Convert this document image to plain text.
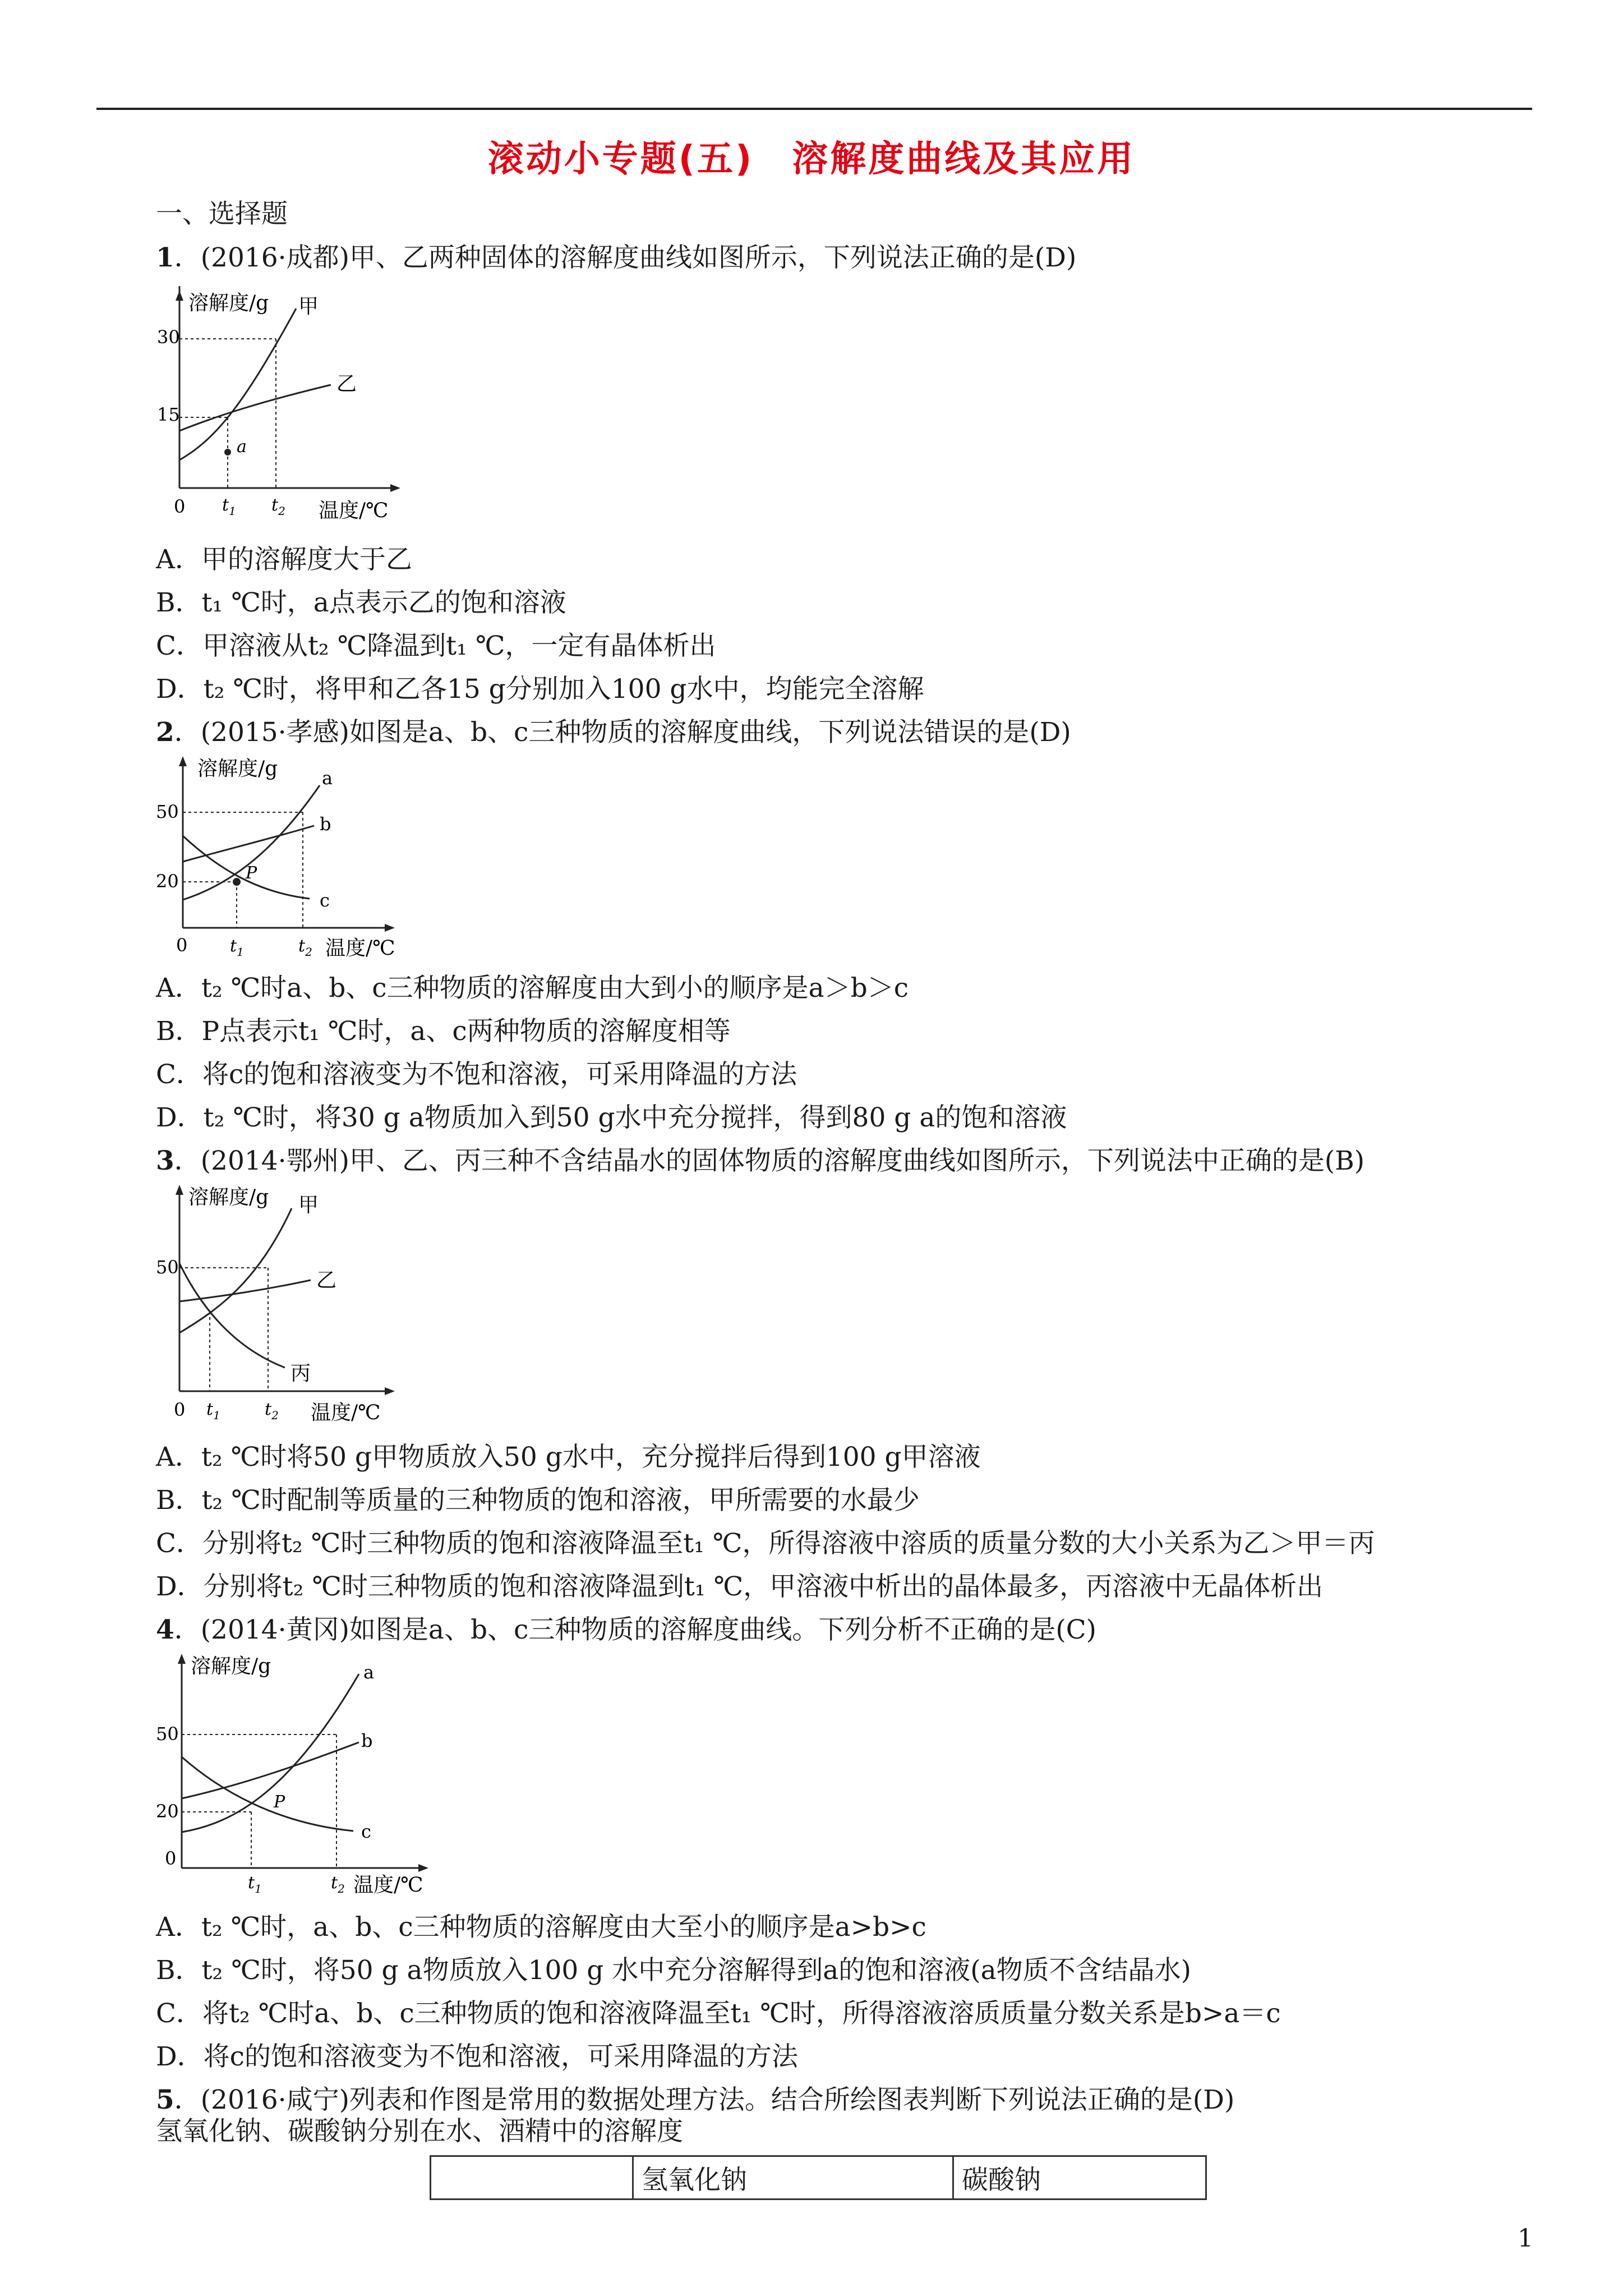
滚动小专题(五)　溶解度曲线及其应用
一、选择题
1．(2016·成都)甲、乙两种固体的溶解度曲线如图所示，下列说法正确的是(D)
溶解度/g
温度/℃
30
15
0 $t_1$ $t_2$
a
甲
乙
A．甲的溶解度大于乙
B．t₁ ℃时，a点表示乙的饱和溶液
C．甲溶液从t₂ ℃降温到t₁ ℃，一定有晶体析出
D．t₂ ℃时，将甲和乙各15 g分别加入100 g水中，均能完全溶解
2．(2015·孝感)如图是a、b、c三种物质的溶解度曲线，下列说法错误的是(D)
溶解度/g
温度/℃
50
20
0	$t_1$	$t_2$
P
a
b
c
A．t₂ ℃时a、b、c三种物质的溶解度由大到小的顺序是a＞b＞c
B．P点表示t₁ ℃时，a、c两种物质的溶解度相等
C．将c的饱和溶液变为不饱和溶液，可采用降温的方法
D．t₂ ℃时，将30 g a物质加入到50 g水中充分搅拌，得到80 g a的饱和溶液
3．(2014·鄂州)甲、乙、丙三种不含结晶水的固体物质的溶解度曲线如图所示，下列说法中正确的是(B)
溶解度/g
温度/℃
50
0 $t_1$	$t_2$
甲
乙
丙
A．t₂ ℃时将50 g甲物质放入50 g水中，充分搅拌后得到100 g甲溶液
B．t₂ ℃时配制等质量的三种物质的饱和溶液，甲所需要的水最少
C．分别将t₂ ℃时三种物质的饱和溶液降温至t₁ ℃，所得溶液中溶质的质量分数的大小关系为乙＞甲＝丙
D．分别将t₂ ℃时三种物质的饱和溶液降温到t₁ ℃，甲溶液中析出的晶体最多，丙溶液中无晶体析出
4．(2014·黄冈)如图是a、b、c三种物质的溶解度曲线。下列分析不正确的是(C)
溶解度/g
温度/℃
50
20
0
$t_1$	$t_2$
P
a
b
c
A．t₂ ℃时，a、b、c三种物质的溶解度由大至小的顺序是a>b>c
B．t₂ ℃时，将50 g a物质放入100 g 水中充分溶解得到a的饱和溶液(a物质不含结晶水)
C．将t₂ ℃时a、b、c三种物质的饱和溶液降温至t₁ ℃时，所得溶液溶质质量分数关系是b>a＝c
D．将c的饱和溶液变为不饱和溶液，可采用降温的方法
5．(2016·咸宁)列表和作图是常用的数据处理方法。结合所绘图表判断下列说法正确的是(D)
氢氧化钠、碳酸钠分别在水、酒精中的溶解度
	氢氧化钠	碳酸钠
1
